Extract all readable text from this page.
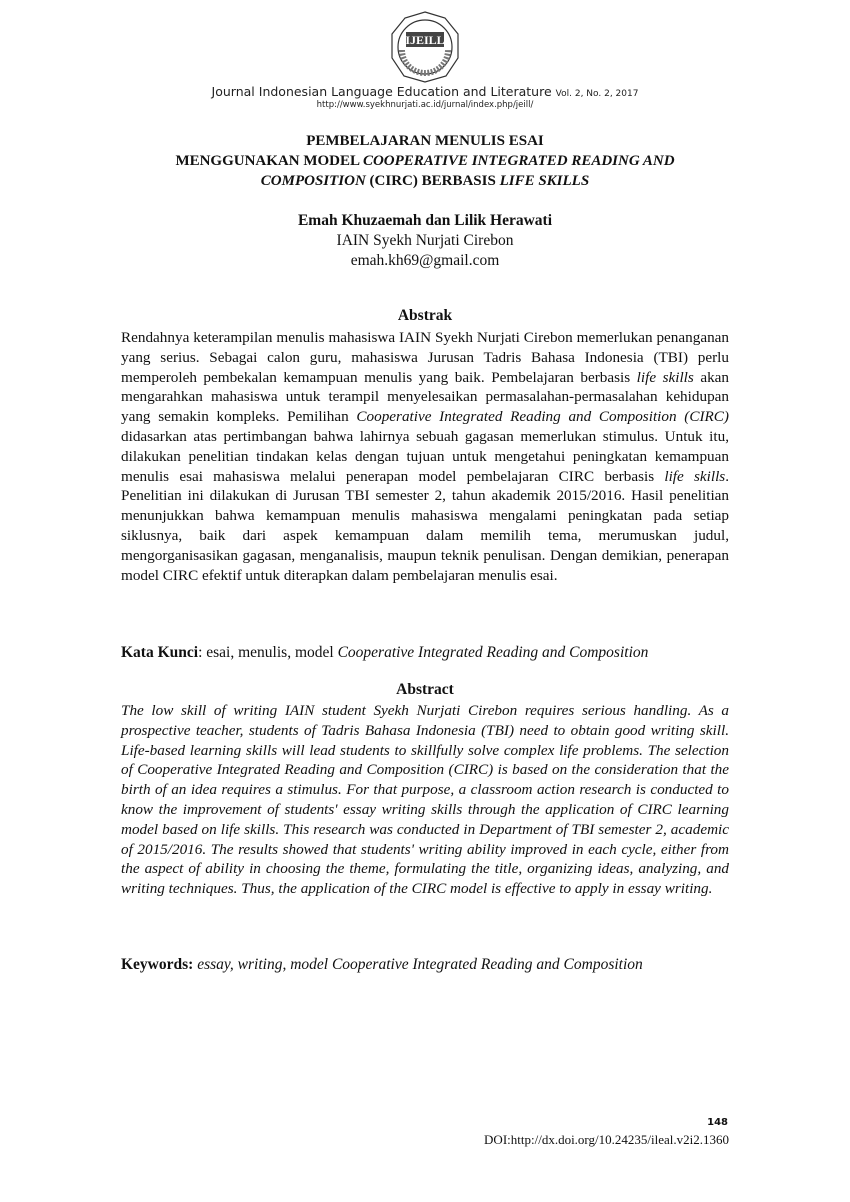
IJEILL
Journal Indonesian Language Education and Literature Vol. 2, No. 2, 2017
http://www.syekhnurjati.ac.id/jurnal/index.php/jeill/
PEMBELAJARAN MENULIS ESAI
MENGGUNAKAN MODEL COOPERATIVE INTEGRATED READING AND
COMPOSITION (CIRC) BERBASIS LIFE SKILLS
Emah Khuzaemah dan Lilik Herawati
IAIN Syekh Nurjati Cirebon
emah.kh69@gmail.com
Abstrak
Rendahnya keterampilan menulis mahasiswa IAIN Syekh Nurjati Cirebon memerlukan penanganan yang serius. Sebagai calon guru, mahasiswa Jurusan Tadris Bahasa Indonesia (TBI) perlu memperoleh pembekalan kemampuan menulis yang baik. Pembelajaran berbasis life skills akan mengarahkan mahasiswa untuk terampil menyelesaikan permasalahan-permasalahan kehidupan yang semakin kompleks. Pemilihan Cooperative Integrated Reading and Composition (CIRC) didasarkan atas pertimbangan bahwa lahirnya sebuah gagasan memerlukan stimulus. Untuk itu, dilakukan penelitian tindakan kelas dengan tujuan untuk mengetahui peningkatan kemampuan menulis esai mahasiswa melalui penerapan model pembelajaran CIRC berbasis life skills. Penelitian ini dilakukan di Jurusan TBI semester 2, tahun akademik 2015/2016. Hasil penelitian menunjukkan bahwa kemampuan menulis mahasiswa mengalami peningkatan pada setiap siklusnya, baik dari aspek kemampuan dalam memilih tema, merumuskan judul, mengorganisasikan gagasan, menganalisis, maupun teknik penulisan. Dengan demikian, penerapan model CIRC efektif untuk diterapkan dalam pembelajaran menulis esai.
Kata Kunci: esai, menulis, model Cooperative Integrated Reading and Composition
Abstract
The low skill of writing IAIN student Syekh Nurjati Cirebon requires serious handling. As a prospective teacher, students of Tadris Bahasa Indonesia (TBI) need to obtain good writing skill. Life-based learning skills will lead students to skillfully solve complex life problems. The selection of Cooperative Integrated Reading and Composition (CIRC) is based on the consideration that the birth of an idea requires a stimulus. For that purpose, a classroom action research is conducted to know the improvement of students' essay writing skills through the application of CIRC learning model based on life skills. This research was conducted in Department of TBI semester 2, academic of 2015/2016. The results showed that students' writing ability improved in each cycle, either from the aspect of ability in choosing the theme, formulating the title, organizing ideas, analyzing, and writing techniques. Thus, the application of the CIRC model is effective to apply in essay writing.
Keywords: essay, writing, model Cooperative Integrated Reading and Composition
148
DOI:http://dx.doi.org/10.24235/ileal.v2i2.1360
